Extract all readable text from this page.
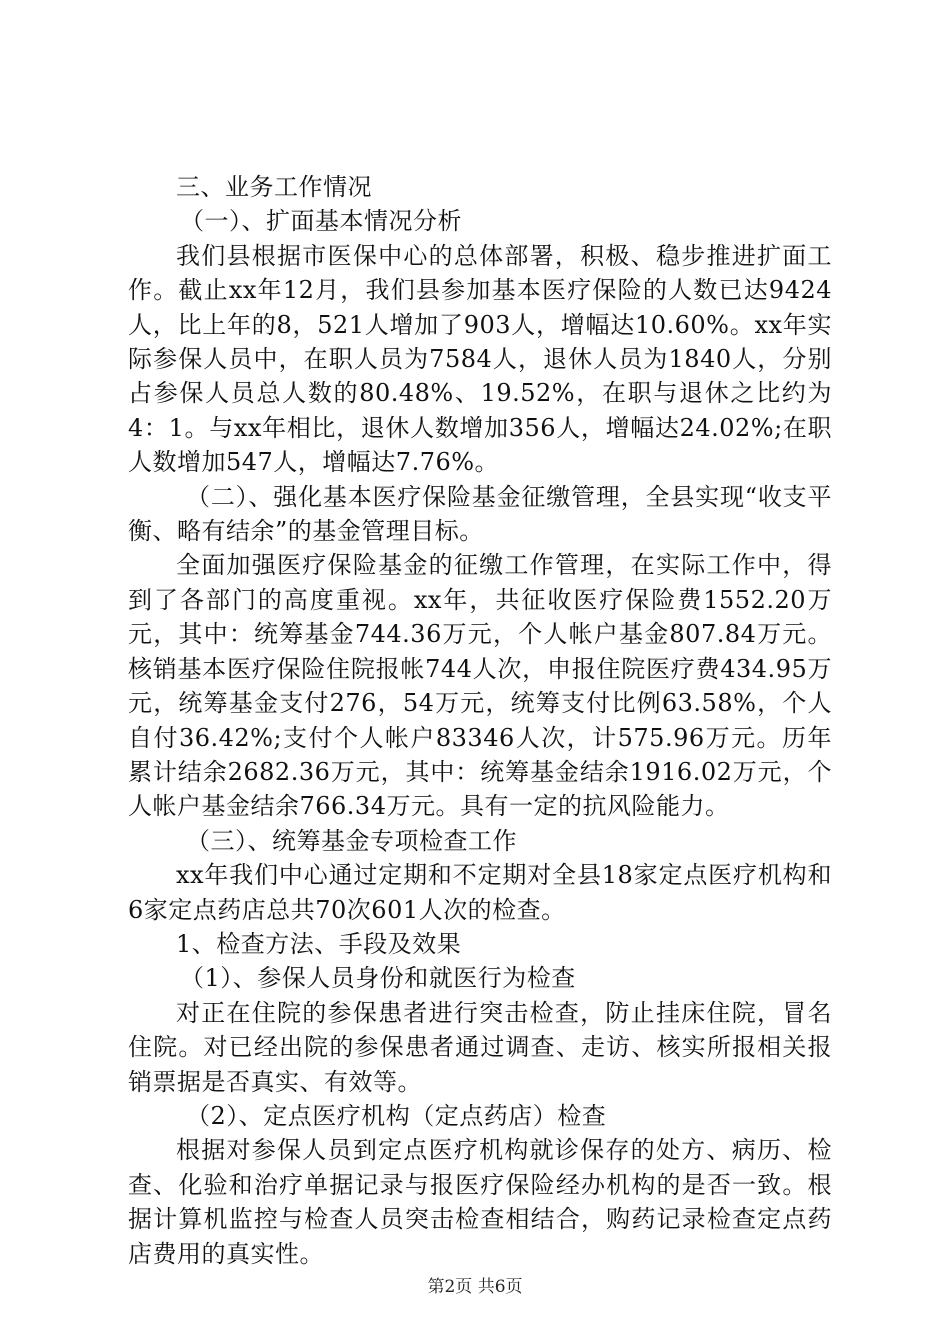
三、业务工作情况

（一）、扩面基本情况分析

我们县根据市医保中心的总体部署，积极、稳步推进扩面工作。截止xx年12月，我们县参加基本医疗保险的人数已达9424人，比上年的8，521人增加了903人，增幅达10.60%。xx年实际参保人员中，在职人员为7584人，退休人员为1840人，分别占参保人员总人数的80.48%、19.52%，在职与退休之比约为4：1。与xx年相比，退休人数增加356人，增幅达24.02%;在职人数增加547人，增幅达7.76%。

（二）、强化基本医疗保险基金征缴管理，全县实现“收支平衡、略有结余”的基金管理目标。

全面加强医疗保险基金的征缴工作管理，在实际工作中，得到了各部门的高度重视。xx年，共征收医疗保险费1552.20万元，其中：统筹基金744.36万元，个人帐户基金807.84万元。核销基本医疗保险住院报帐744人次，申报住院医疗费434.95万元，统筹基金支付276，54万元，统筹支付比例63.58%，个人自付36.42%;支付个人帐户83346人次，计575.96万元。历年累计结余2682.36万元，其中：统筹基金结余1916.02万元，个人帐户基金结余766.34万元。具有一定的抗风险能力。

（三）、统筹基金专项检查工作

xx年我们中心通过定期和不定期对全县18家定点医疗机构和6家定点药店总共70次601人次的检查。

1、检查方法、手段及效果

（1）、参保人员身份和就医行为检查

对正在住院的参保患者进行突击检查，防止挂床住院，冒名住院。对已经出院的参保患者通过调查、走访、核实所报相关报销票据是否真实、有效等。

（2）、定点医疗机构（定点药店）检查

根据对参保人员到定点医疗机构就诊保存的处方、病历、检查、化验和治疗单据记录与报医疗保险经办机构的是否一致。根据计算机监控与检查人员突击检查相结合，购药记录检查定点药店费用的真实性。

第2页 共6页
